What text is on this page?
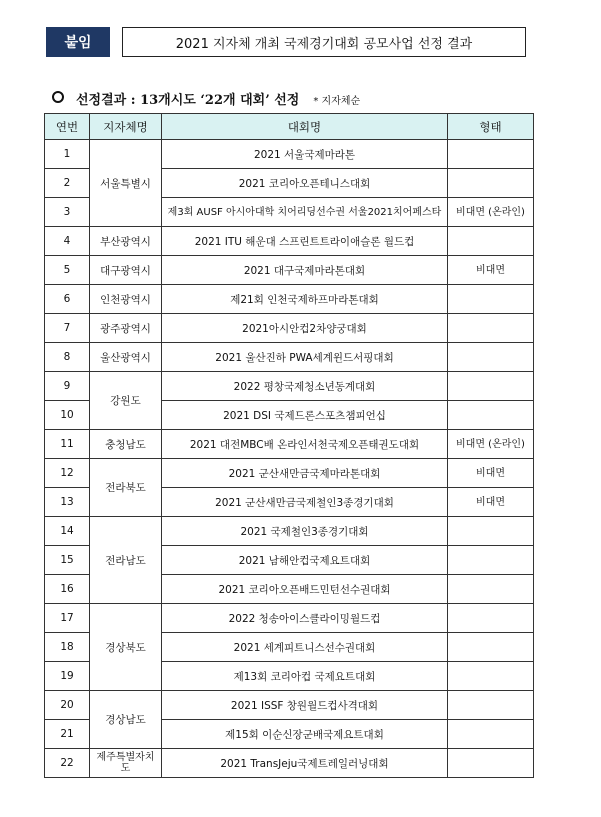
붙임	2021 지자체 개최 국제경기대회 공모사업 선정 결과
선정결과 : 13개시도 ‘22개 대회’ 선정 * 지자체순
연번	지자체명	대회명	형태
1	서울특별시	2021 서울국제마라톤	
2		2021 코리아오픈테니스대회	
3		제3회 AUSF 아시아대학 치어리딩선수권 서울2021치어페스타	비대면 (온라인)
4	부산광역시	2021 ITU 해운대 스프린트트라이애슬론 월드컵	
5	대구광역시	2021 대구국제마라톤대회	비대면
6	인천광역시	제21회 인천국제하프마라톤대회	
7	광주광역시	2021아시안컵2차양궁대회	
8	울산광역시	2021 울산진하 PWA세계윈드서핑대회	
9	강원도	2022 평창국제청소년동계대회	
10		2021 DSI 국제드론스포츠챔피언십	
11	충청남도	2021 대전MBC배 온라인서천국제오픈태권도대회	비대면 (온라인)
12	전라북도	2021 군산새만금국제마라톤대회	비대면
13		2021 군산새만금국제철인3종경기대회	비대면
14	전라남도	2021 국제철인3종경기대회	
15		2021 남해안컵국제요트대회	
16		2021 코리아오픈배드민턴선수권대회	
17	경상북도	2022 청송아이스클라이밍월드컵	
18		2021 세계피트니스선수권대회	
19		제13회 코리아컵 국제요트대회	
20	경상남도	2021 ISSF 창원월드컵사격대회	
21		제15회 이순신장군배국제요트대회	
22	제주특별자치도	2021 TransJeju국제트레일러닝대회	
